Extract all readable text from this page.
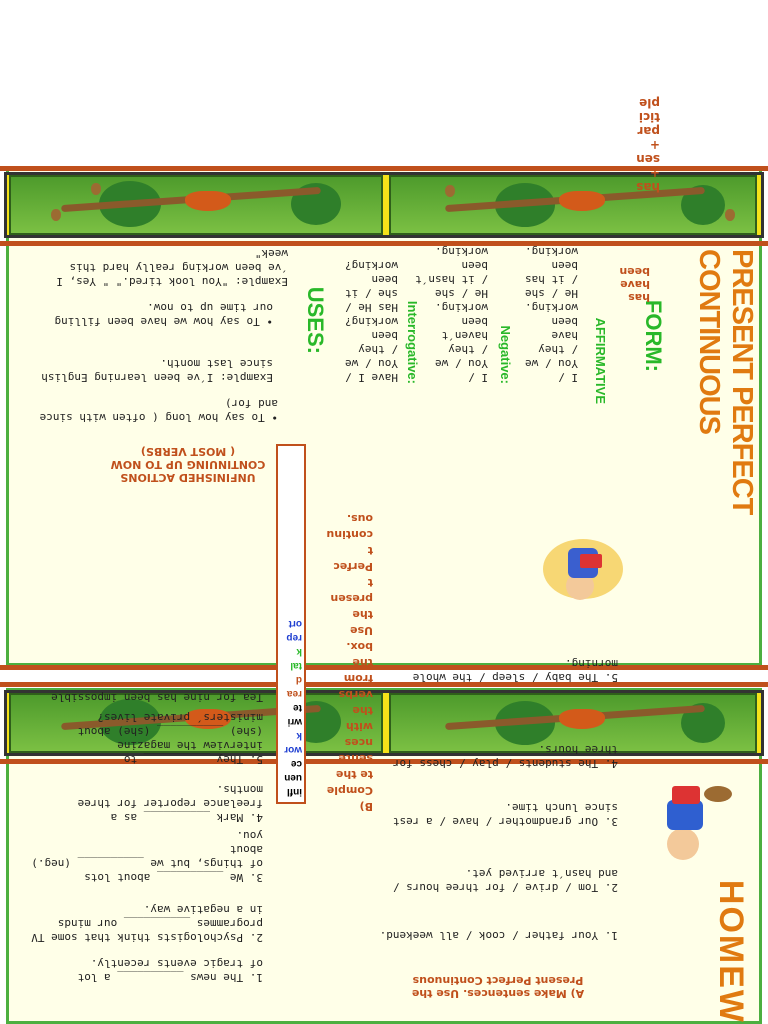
PRESENT PERFECT CONTINUOUS
FORM:
has
have
been
AFFIRMATIVE
I /
You / we
/ they
have
been
working.
He / she
/ it has
been
working.
Negative:
I /
You / we
/ they
haven´t
been
working.
He / she
/ it hasn´t
been
working.
Interrogative:
Have I /
You / we
/ they
been
working?
Has He /
she / it
been
working?
USES:
UNFINISHED ACTIONS
CONTINUING UP TO NOW
( MOST VERBS)
• To say how long ( often with since
and for)
Example: I´ve been learning English
since last month.
• To say how we have been filling
our time up to now.
Example: "You look tired." " Yes, I
´ve been working really hard this
week"
has
+
sen
+
par
tici
ple
HOMEW
A) Make sentences. Use the
Present Perfect Continuous
1. Your father / cook / all weekend.
2. Tom / drive / for three hours /
and hasn´t arrived yet.
3. Our grandmother / have / a rest
since lunch time.
4. The students / play / chess for
three hours.
5. The baby / sleep / the whole
morning.
B)
Comple
te the
sente
nces
with
the
verbs
from
the
box.
Use
the
presen
t
Perfec
t
continu
ous.
infl
uen
ce
wor
k
wri
te
rea
d
tal
k
rep
ort
1. The news __________ a lot
of tragic events recently.
2. Psychologists think that some TV
programmes __________ our minds
in a negative way.
3. We __________ about lots
of things, but we __________ (neg.) about
you.
4. Mark __________ as a
freelance reporter for three
months.
5. They __________ to
interview the magazine
(she) __________ (she) about
ministers´ private lives?
Tea for nine has been impossible
